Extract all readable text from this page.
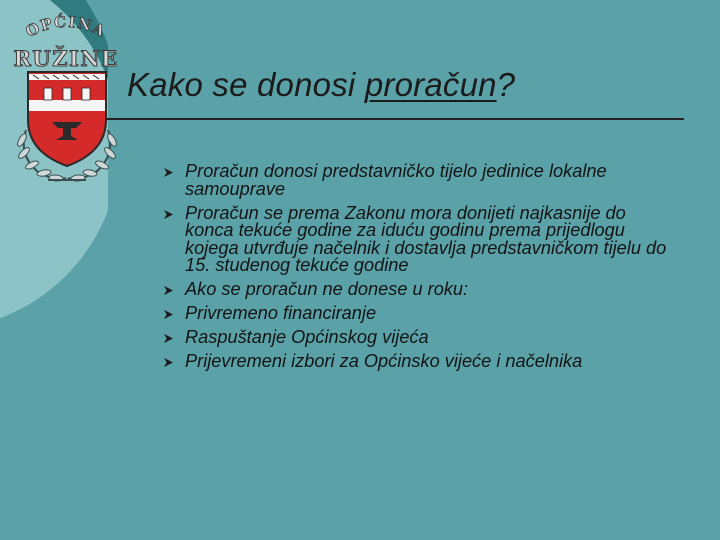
OPĆINA
RUŽINE
Kako se donosi proračun?
Proračun donosi predstavničko tijelo jedinice lokalne samouprave
Proračun se prema Zakonu mora donijeti najkasnije do konca tekuće godine za iduću godinu prema prijedlogu kojega utvrđuje načelnik i dostavlja predstavničkom tijelu do 15. studenog tekuće godine
Ako se proračun ne donese u roku:
Privremeno financiranje
Raspuštanje Općinskog vijeća
Prijevremeni izbori za Općinsko vijeće i načelnika
